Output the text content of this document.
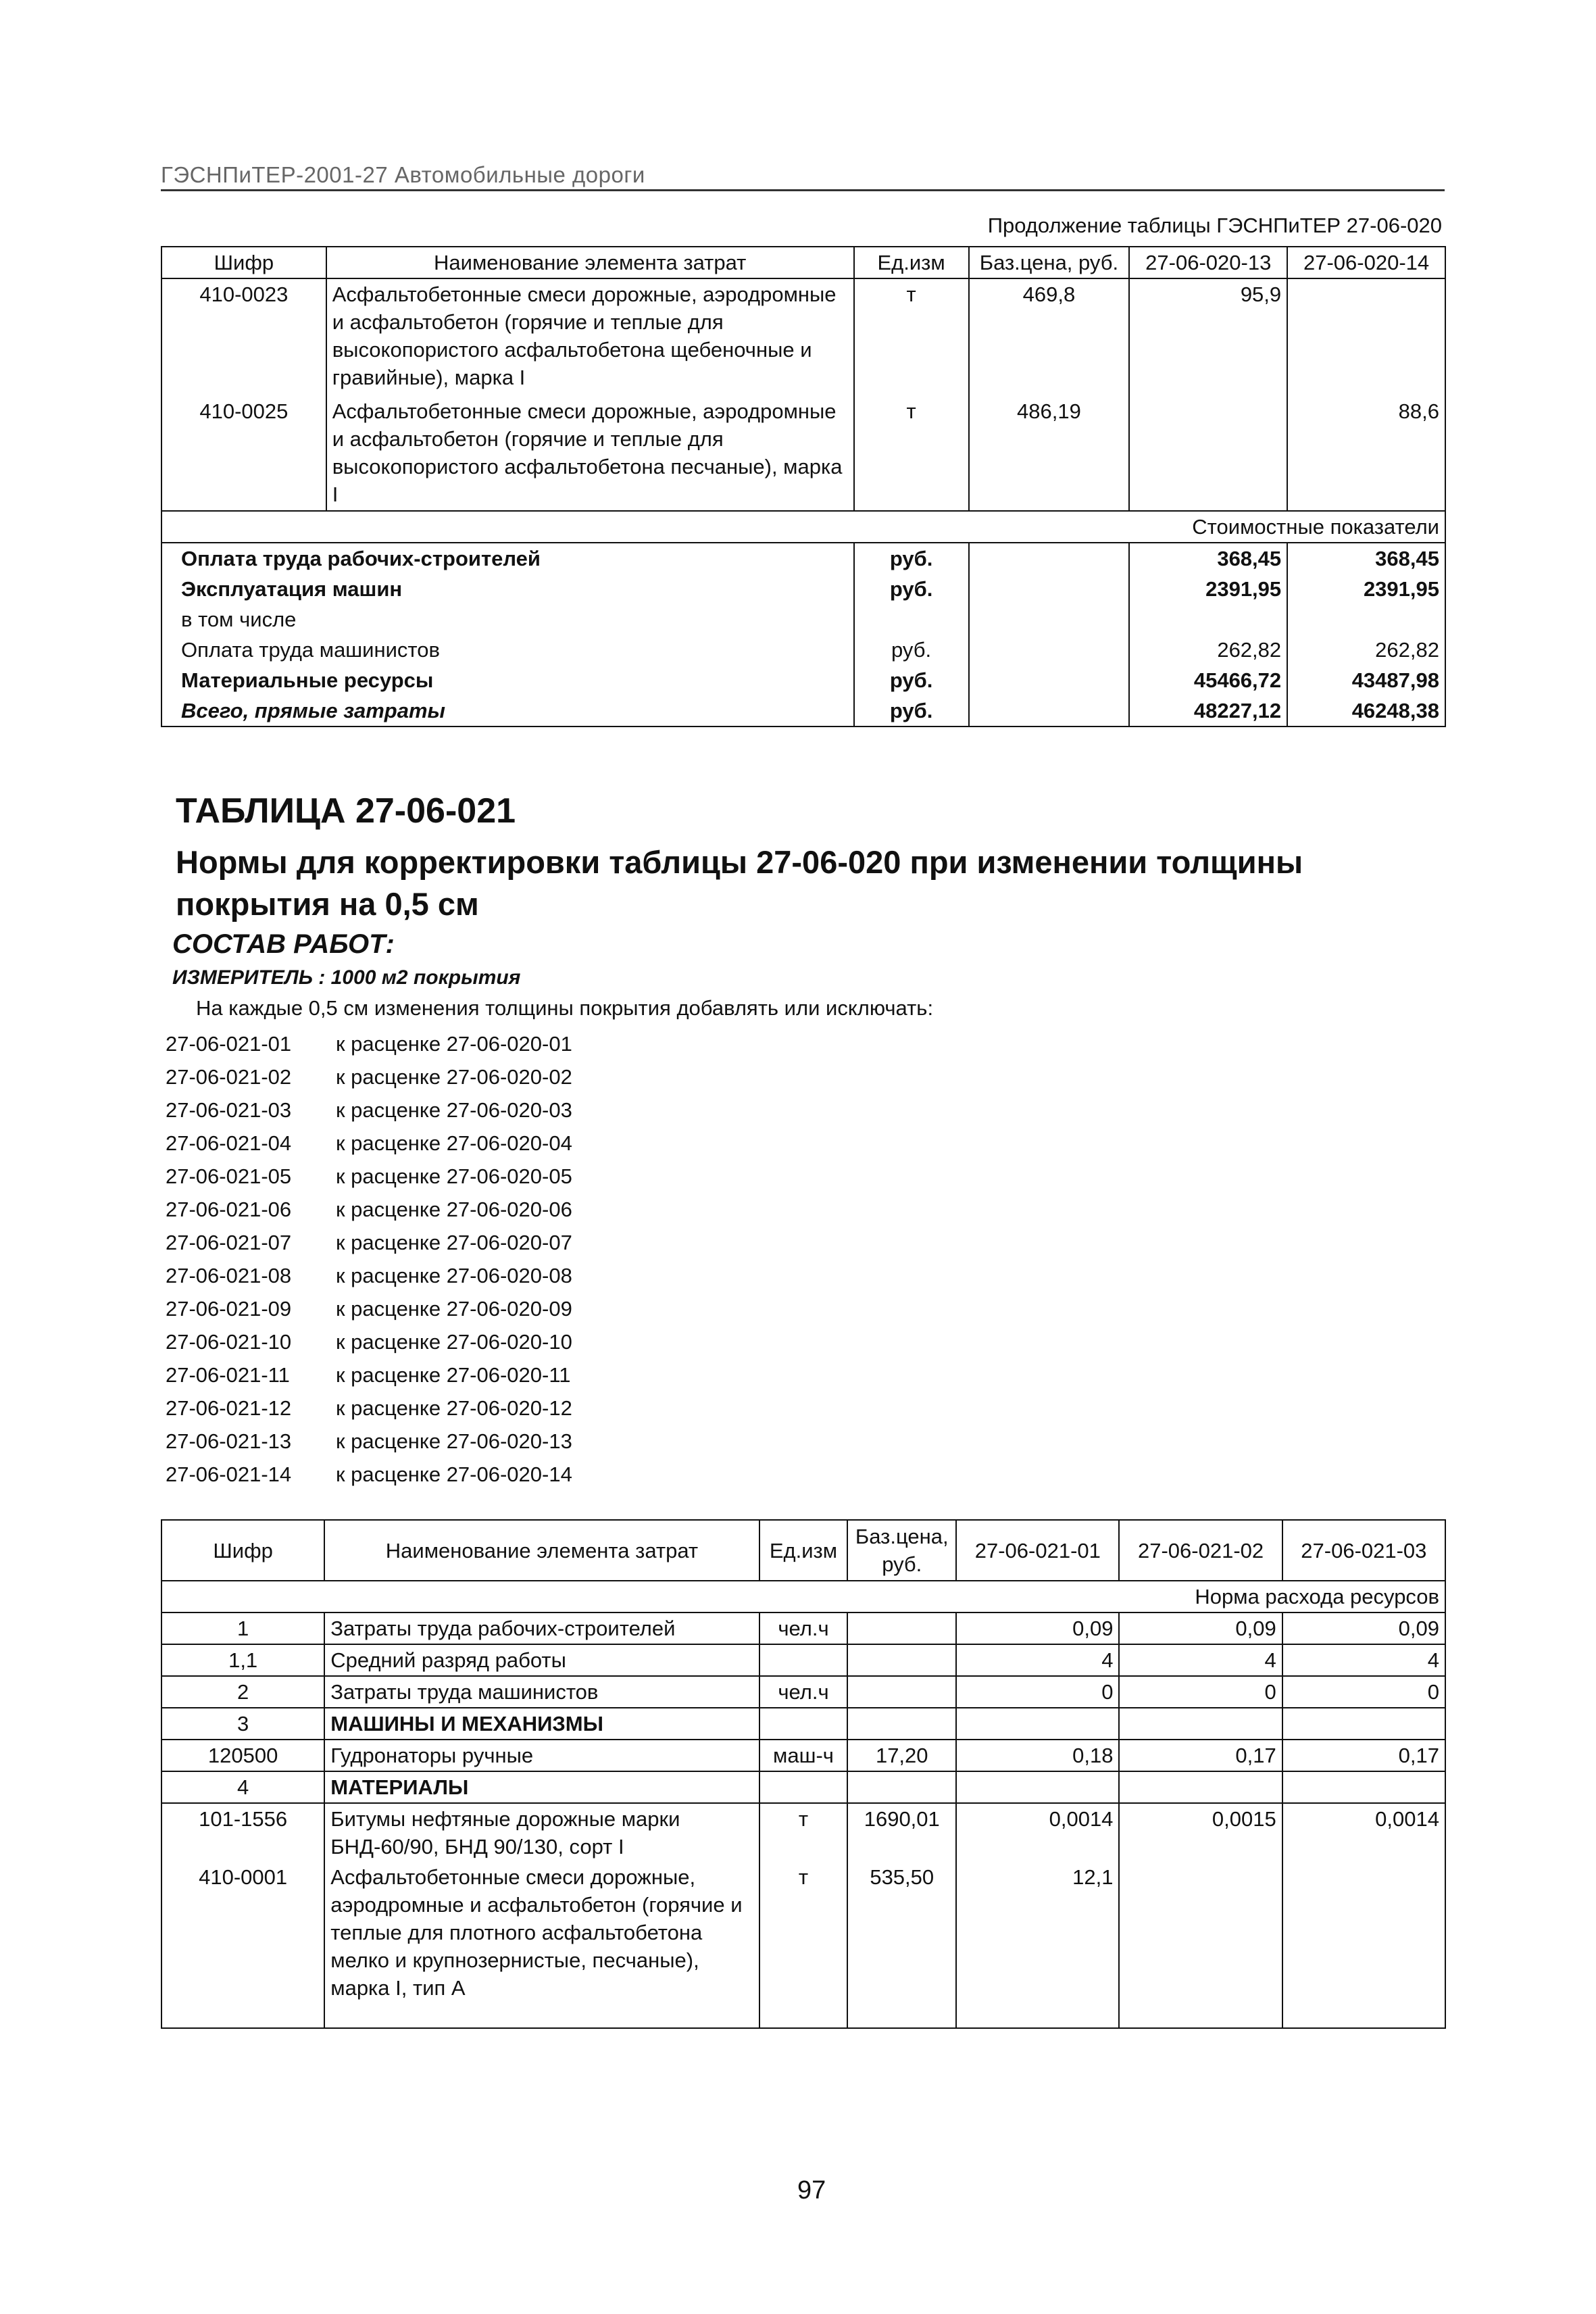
ГЭСНПиТЕР-2001-27 Автомобильные дороги
Продолжение таблицы ГЭСНПиТЕР 27-06-020
Шифр	Наименование элемента затрат	Ед.изм	Баз.цена, руб.	27-06-020-13	27-06-020-14
410-0023	Асфальтобетонные смеси дорожные, аэродромные и асфальтобетон (горячие и теплые для высокопористого асфальтобетона щебеночные и гравийные), марка I	т	469,8	95,9	
410-0025	Асфальтобетонные смеси дорожные, аэродромные и асфальтобетон (горячие и теплые для высокопористого асфальтобетона песчаные), марка I	т	486,19		88,6
Стоимостные показатели					
Оплата труда рабочих-строителей		руб.		368,45	368,45
Эксплуатация машин		руб.		2391,95	2391,95
в том числе					
Оплата труда машинистов		руб.		262,82	262,82
Материальные ресурсы		руб.		45466,72	43487,98
Всего, прямые затраты		руб.		48227,12	46248,38
ТАБЛИЦА 27-06-021
Нормы для корректировки таблицы 27-06-020 при изменении толщины покрытия на 0,5 см
СОСТАВ РАБОТ:
ИЗМЕРИТЕЛЬ : 1000 м2 покрытия
На каждые 0,5 см изменения толщины покрытия добавлять или исключать:
27-06-021-01 к расценке 27-06-020-01
27-06-021-02 к расценке 27-06-020-02
27-06-021-03 к расценке 27-06-020-03
27-06-021-04 к расценке 27-06-020-04
27-06-021-05 к расценке 27-06-020-05
27-06-021-06 к расценке 27-06-020-06
27-06-021-07 к расценке 27-06-020-07
27-06-021-08 к расценке 27-06-020-08
27-06-021-09 к расценке 27-06-020-09
27-06-021-10 к расценке 27-06-020-10
27-06-021-11 к расценке 27-06-020-11
27-06-021-12 к расценке 27-06-020-12
27-06-021-13 к расценке 27-06-020-13
27-06-021-14 к расценке 27-06-020-14
Шифр	Наименование элемента затрат	Ед.изм	Баз.цена, руб.	27-06-021-01	27-06-021-02	27-06-021-03
Норма расхода ресурсов						
1	Затраты труда рабочих-строителей	чел.ч		0,09	0,09	0,09
1,1	Средний разряд работы			4	4	4
2	Затраты труда машинистов	чел.ч		0	0	0
3	МАШИНЫ И МЕХАНИЗМЫ					
120500	Гудронаторы ручные	маш-ч	17,20	0,18	0,17	0,17
4	МАТЕРИАЛЫ					
101-1556	Битумы нефтяные дорожные марки БНД-60/90, БНД 90/130, сорт I	т	1690,01	0,0014	0,0015	0,0014
410-0001	Асфальтобетонные смеси дорожные, аэродромные и асфальтобетон (горячие и теплые для плотного асфальтобетона мелко и крупнозернистые, песчаные), марка I, тип А	т	535,50	12,1		
97
